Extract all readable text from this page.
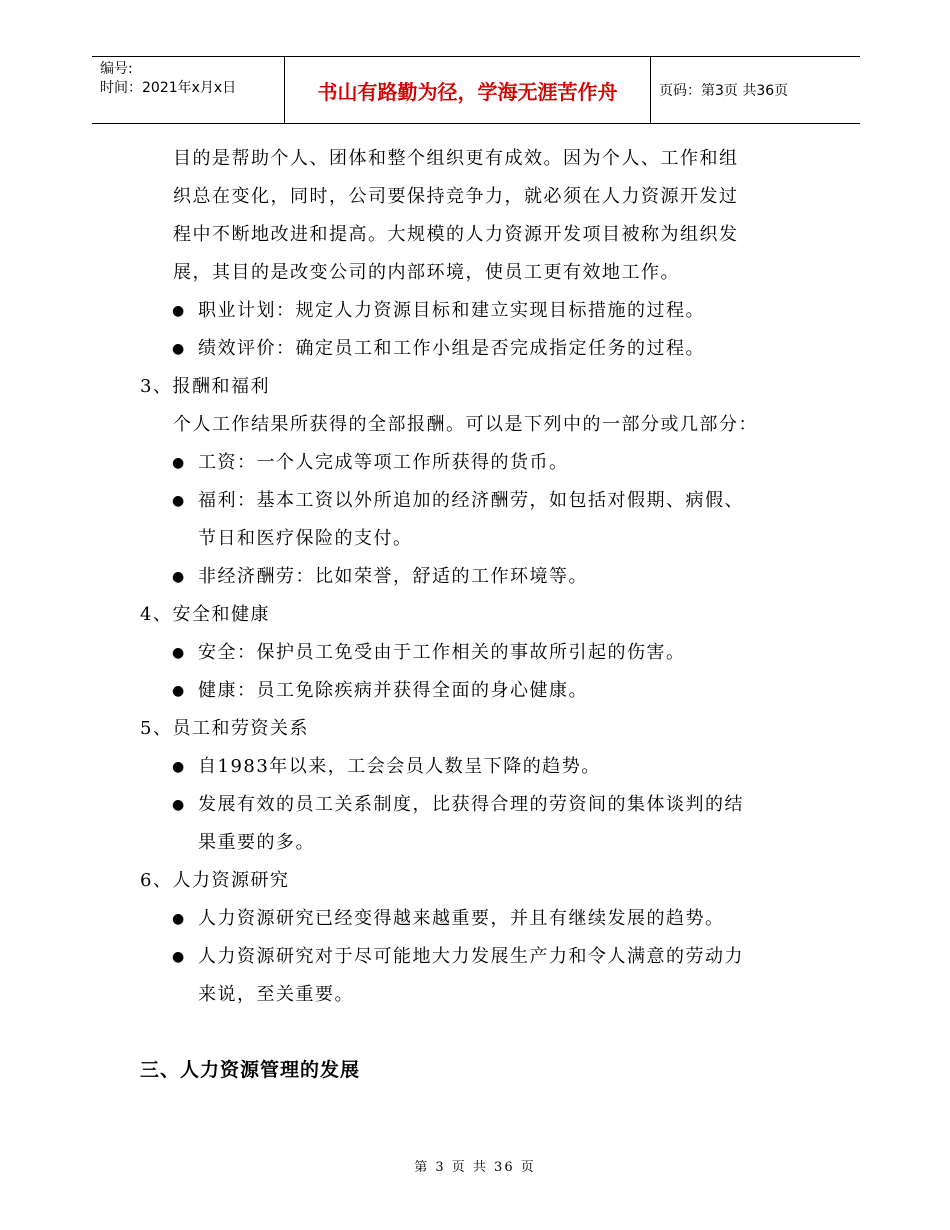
编号:
时间：2021年x月x日	书山有路勤为径，学海无涯苦作舟	页码：第3页 共36页
目的是帮助个人、团体和整个组织更有成效。因为个人、工作和组
织总在变化，同时，公司要保持竞争力，就必须在人力资源开发过
程中不断地改进和提高。大规模的人力资源开发项目被称为组织发
展，其目的是改变公司的内部环境，使员工更有效地工作。
● 职业计划：规定人力资源目标和建立实现目标措施的过程。
● 绩效评价：确定员工和工作小组是否完成指定任务的过程。
3、报酬和福利
个人工作结果所获得的全部报酬。可以是下列中的一部分或几部分：
● 工资：一个人完成等项工作所获得的货币。
● 福利：基本工资以外所追加的经济酬劳，如包括对假期、病假、
节日和医疗保险的支付。
● 非经济酬劳：比如荣誉，舒适的工作环境等。
4、安全和健康
● 安全：保护员工免受由于工作相关的事故所引起的伤害。
● 健康：员工免除疾病并获得全面的身心健康。
5、员工和劳资关系
● 自1983年以来，工会会员人数呈下降的趋势。
● 发展有效的员工关系制度，比获得合理的劳资间的集体谈判的结
果重要的多。
6、人力资源研究
● 人力资源研究已经变得越来越重要，并且有继续发展的趋势。
● 人力资源研究对于尽可能地大力发展生产力和令人满意的劳动力
来说，至关重要。
三、人力资源管理的发展
第 3 页 共 36 页
